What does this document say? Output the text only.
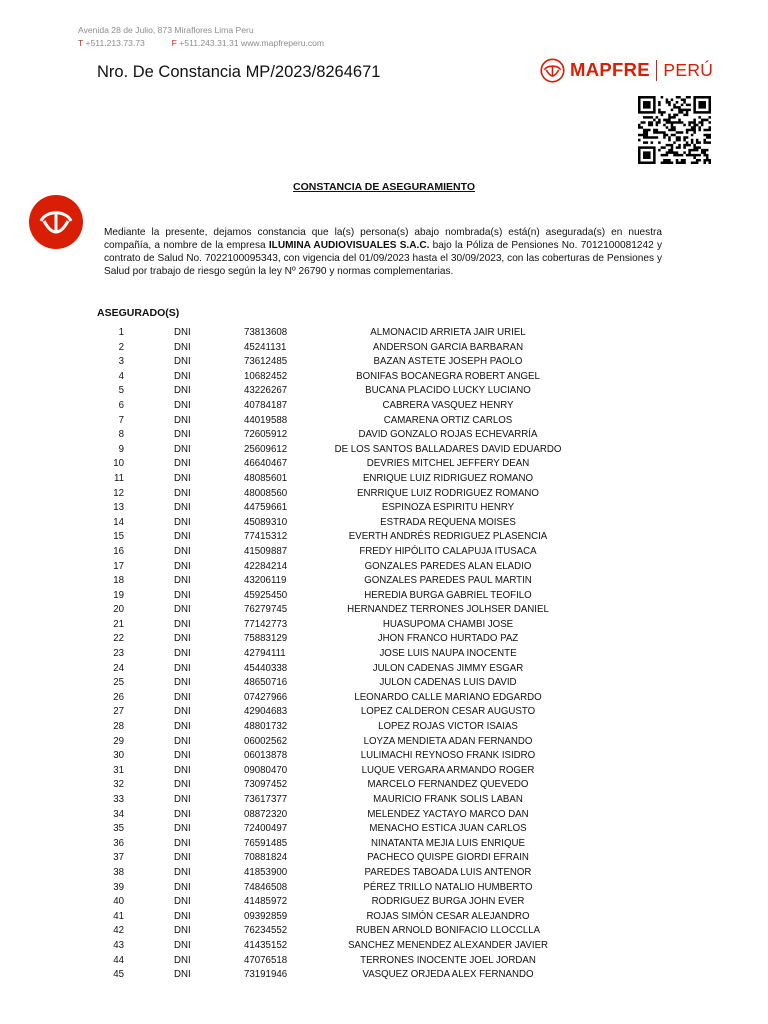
Avenida 28 de Julio, 873 Miraflores Lima Peru
T +511.213.73.73	F +511.243.31.31 www.mapfreperu.com
Nro. De Constancia MP/2023/8264671	MAPFRE PERÚ
CONSTANCIA DE ASEGURAMIENTO
Mediante la presente, dejamos constancia que la(s) persona(s) abajo nombrada(s) está(n) asegurada(s) en nuestra compañía, a nombre de la empresa ILUMINA AUDIOVISUALES S.A.C. bajo la Póliza de Pensiones No. 7012100081242 y contrato de Salud No. 7022100095343, con vigencia del 01/09/2023 hasta el 30/09/2023, con las coberturas de Pensiones y Salud por trabajo de riesgo según la ley Nº 26790 y normas complementarias.
ASEGURADO(S)
1	DNI	73813608	ALMONACID ARRIETA JAIR URIEL
2	DNI	45241131	ANDERSON GARCIA BARBARAN
3	DNI	73612485	BAZAN ASTETE JOSEPH PAOLO
4	DNI	10682452	BONIFAS BOCANEGRA ROBERT ANGEL
5	DNI	43226267	BUCANA PLACIDO LUCKY LUCIANO
6	DNI	40784187	CABRERA VASQUEZ HENRY
7	DNI	44019588	CAMARENA ORTIZ CARLOS
8	DNI	72605912	DAVID GONZALO ROJAS ECHEVARRÍA
9	DNI	25609612	DE LOS SANTOS BALLADARES DAVID EDUARDO
10	DNI	46640467	DEVRIES MITCHEL JEFFERY DEAN
11	DNI	48085601	ENRIQUE LUIZ RIDRIGUEZ ROMANO
12	DNI	48008560	ENRRIQUE LUIZ RODRIGUEZ ROMANO
13	DNI	44759661	ESPINOZA ESPIRITU HENRY
14	DNI	45089310	ESTRADA REQUENA MOISES
15	DNI	77415312	EVERTH ANDRÉS REDRIGUEZ PLASENCIA
16	DNI	41509887	FREDY HIPÓLITO CALAPUJA ITUSACA
17	DNI	42284214	GONZALES PAREDES ALAN ELADIO
18	DNI	43206119	GONZALES PAREDES PAUL MARTIN
19	DNI	45925450	HEREDIA BURGA GABRIEL TEOFILO
20	DNI	76279745	HERNANDEZ TERRONES JOLHSER DANIEL
21	DNI	77142773	HUASUPOMA CHAMBI JOSE
22	DNI	75883129	JHON FRANCO HURTADO PAZ
23	DNI	42794111	JOSE LUIS NAUPA INOCENTE
24	DNI	45440338	JULON CADENAS JIMMY ESGAR
25	DNI	48650716	JULON CADENAS LUIS DAVID
26	DNI	07427966	LEONARDO CALLE MARIANO EDGARDO
27	DNI	42904683	LOPEZ CALDERON CESAR AUGUSTO
28	DNI	48801732	LOPEZ ROJAS VICTOR ISAIAS
29	DNI	06002562	LOYZA MENDIETA ADAN FERNANDO
30	DNI	06013878	LULIMACHI REYNOSO FRANK ISIDRO
31	DNI	09080470	LUQUE VERGARA ARMANDO ROGER
32	DNI	73097452	MARCELO FERNANDEZ QUEVEDO
33	DNI	73617377	MAURICIO FRANK SOLIS LABAN
34	DNI	08872320	MELENDEZ YACTAYO MARCO DAN
35	DNI	72400497	MENACHO ESTICA JUAN CARLOS
36	DNI	76591485	NINATANTA MEJIA LUIS ENRIQUE
37	DNI	70881824	PACHECO QUISPE GIORDI EFRAIN
38	DNI	41853900	PAREDES TABOADA LUIS ANTENOR
39	DNI	74846508	PÉREZ TRILLO NATALIO HUMBERTO
40	DNI	41485972	RODRIGUEZ BURGA JOHN EVER
41	DNI	09392859	ROJAS SIMÓN CESAR ALEJANDRO
42	DNI	76234552	RUBEN ARNOLD BONIFACIO LLOCCLLA
43	DNI	41435152	SANCHEZ MENENDEZ ALEXANDER JAVIER
44	DNI	47076518	TERRONES INOCENTE JOEL JORDAN
45	DNI	73191946	VASQUEZ ORJEDA ALEX FERNANDO
